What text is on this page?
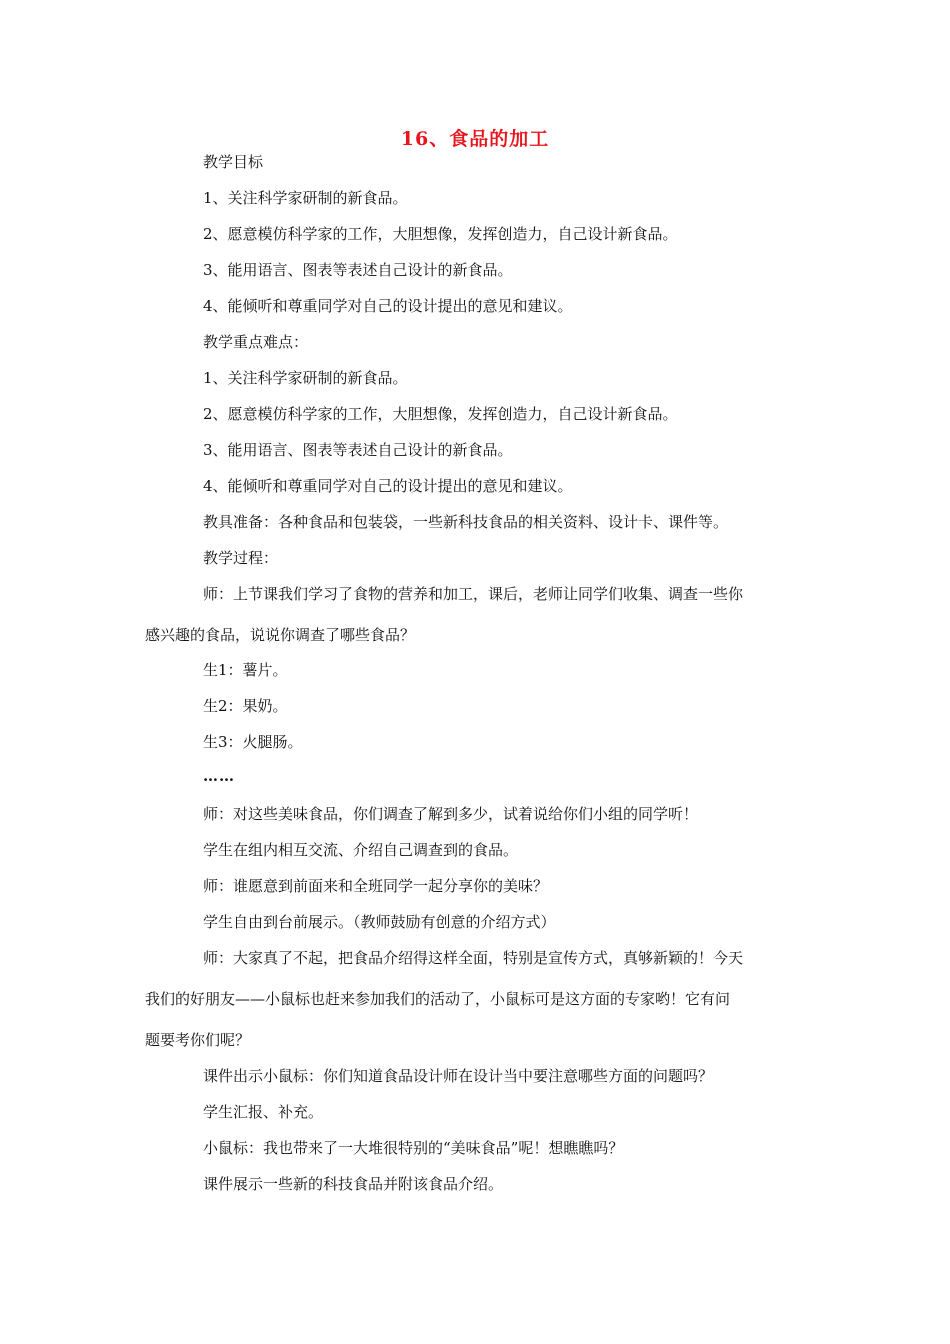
16、食品的加工
教学目标
1、关注科学家研制的新食品。
2、愿意模仿科学家的工作，大胆想像，发挥创造力，自己设计新食品。
3、能用语言、图表等表述自己设计的新食品。
4、能倾听和尊重同学对自己的设计提出的意见和建议。
教学重点难点：
1、关注科学家研制的新食品。
2、愿意模仿科学家的工作，大胆想像，发挥创造力，自己设计新食品。
3、能用语言、图表等表述自己设计的新食品。
4、能倾听和尊重同学对自己的设计提出的意见和建议。
教具准备：各种食品和包装袋，一些新科技食品的相关资料、设计卡、课件等。
教学过程：
师：上节课我们学习了食物的营养和加工，课后，老师让同学们收集、调查一些你
感兴趣的食品，说说你调查了哪些食品？
生1：薯片。
生2：果奶。
生3：火腿肠。
……
师：对这些美味食品，你们调查了解到多少，试着说给你们小组的同学听！
学生在组内相互交流、介绍自己调查到的食品。
师：谁愿意到前面来和全班同学一起分享你的美味？
学生自由到台前展示。（教师鼓励有创意的介绍方式）
师：大家真了不起，把食品介绍得这样全面，特别是宣传方式，真够新颖的！今天
我们的好朋友——小鼠标也赶来参加我们的活动了，小鼠标可是这方面的专家哟！它有问
题要考你们呢？
课件出示小鼠标：你们知道食品设计师在设计当中要注意哪些方面的问题吗？
学生汇报、补充。
小鼠标：我也带来了一大堆很特别的“美味食品”呢！想瞧瞧吗？
课件展示一些新的科技食品并附该食品介绍。
